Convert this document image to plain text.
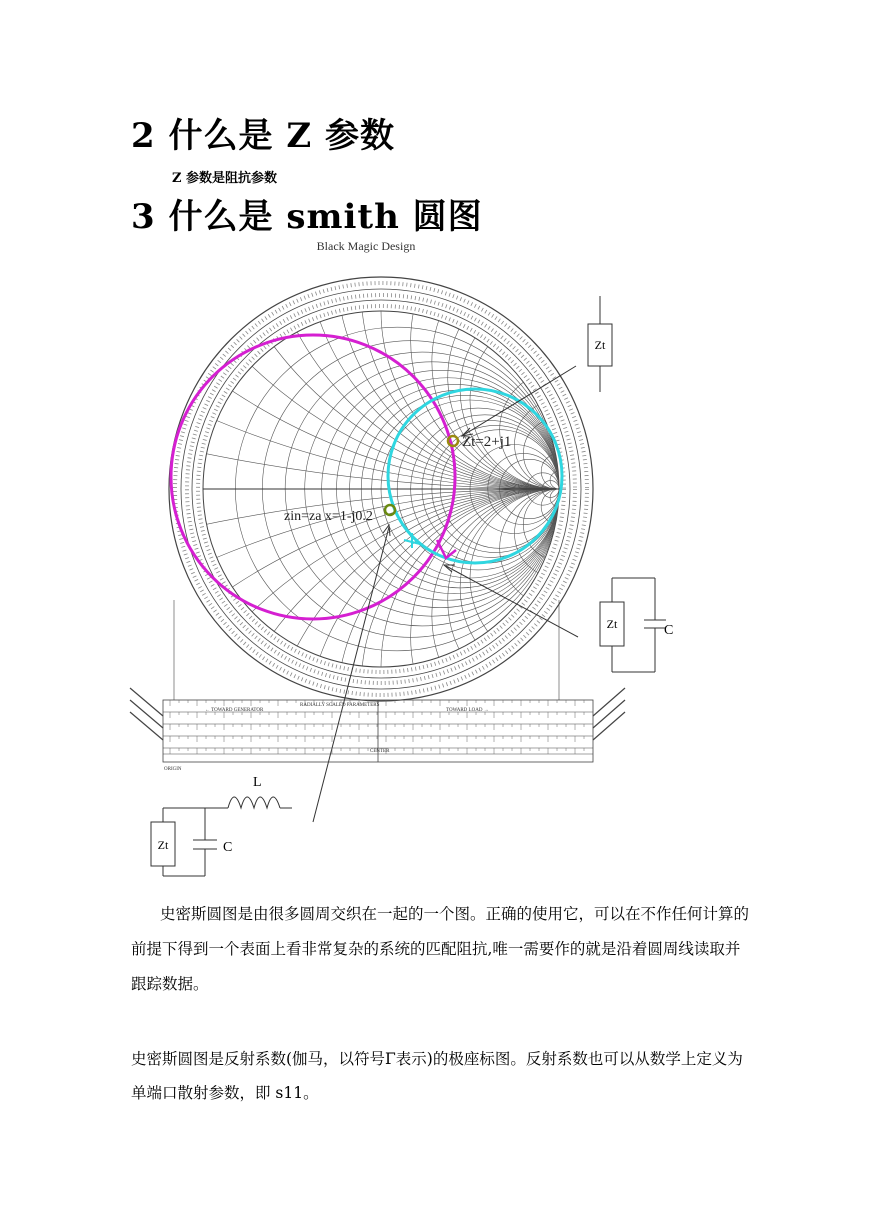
2 什么是 Z 参数
Z 参数是阻抗参数
3 什么是 smith 圆图
Black Magic Design
Zt=2+j1
zin=za x=1-j0.2
Zt
Zt	C
RADIALLY SCALED PARAMETERS
TOWARD LOAD →
← TOWARD GENERATOR
CENTER
ORIGIN
L
Zt	C
史密斯圆图是由很多圆周交织在一起的一个图。正确的使用它，可以在不作任何计算的
前提下得到一个表面上看非常复杂的系统的匹配阻抗,唯一需要作的就是沿着圆周线读取并
跟踪数据。
史密斯圆图是反射系数(伽马，以符号Γ表示)的极座标图。反射系数也可以从数学上定义为
单端口散射参数，即 s11。
